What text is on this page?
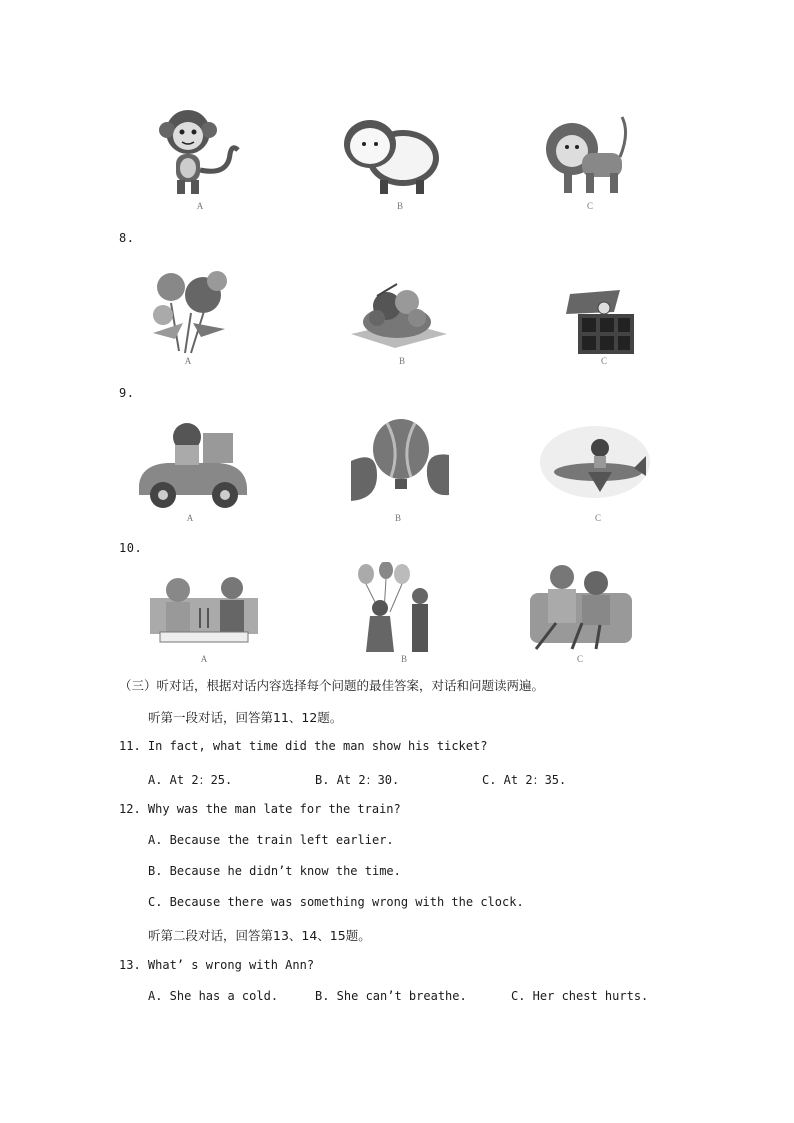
A	B	C
8.
A	B	C
9.
A	B	C
10.
A	B	C
（三）听对话，根据对话内容选择每个问题的最佳答案，对话和问题读两遍。
听第一段对话，回答第11、12题。
11. In fact, what time did the man show his ticket?
A. At 2：25.	B. At 2：30.	C. At 2：35.
12. Why was the man late for the train?
A. Because the train left earlier.
B. Because he didn’t know the time.
C. Because there was something wrong with the clock.
听第二段对话，回答第13、14、15题。
13. What’ s wrong with Ann?
A. She has a cold.	B. She can’t breathe.	C. Her chest hurts.
